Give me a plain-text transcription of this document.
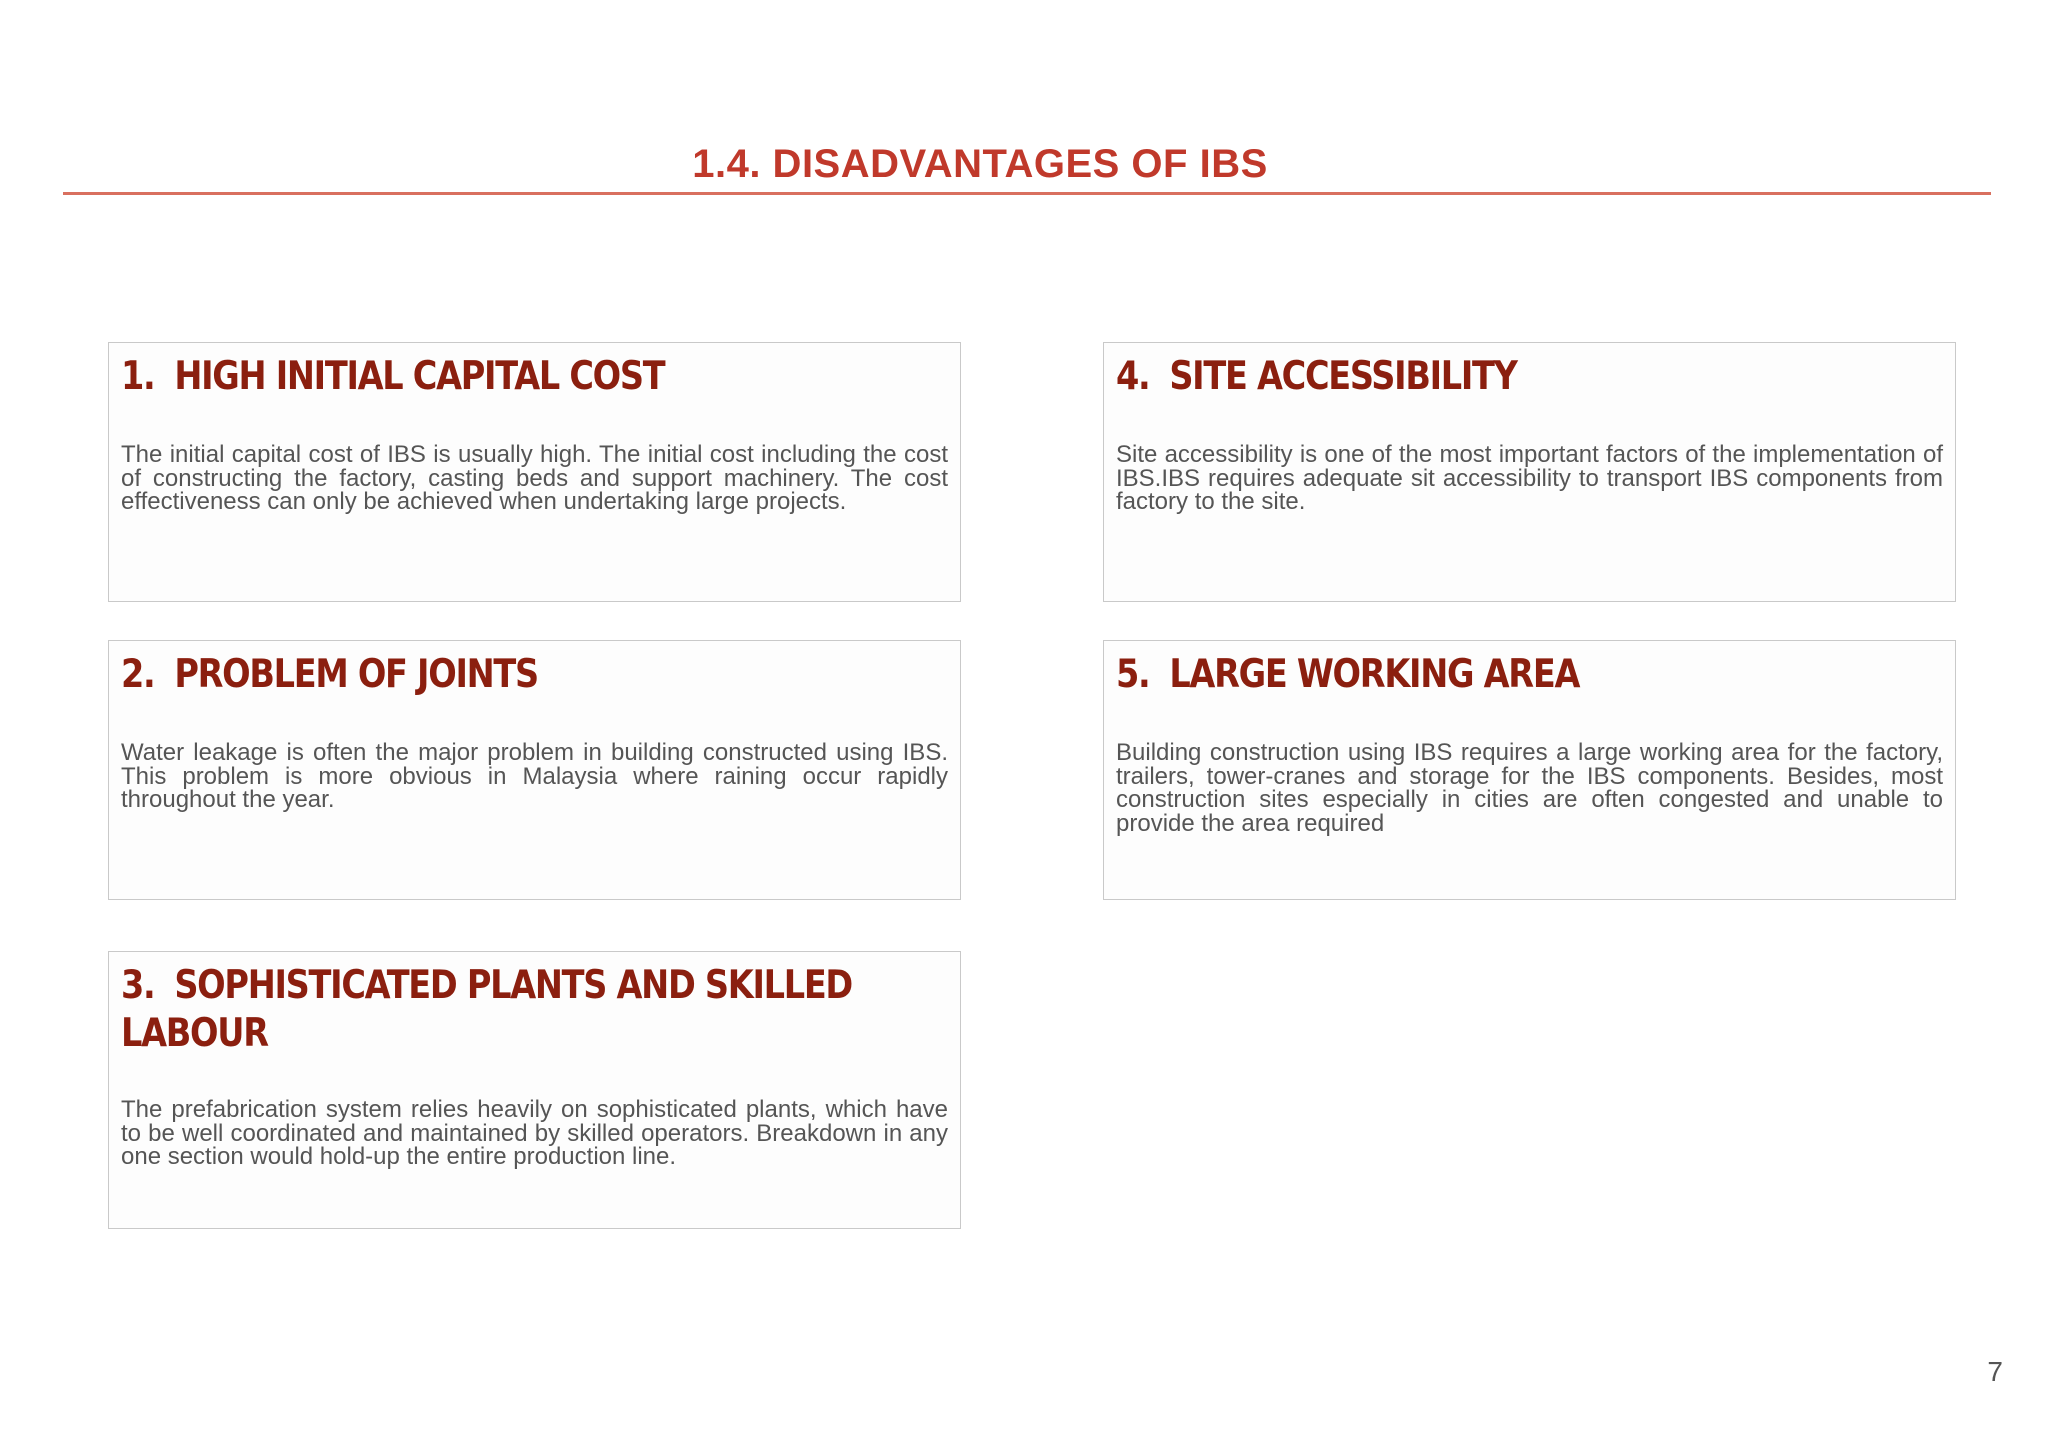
1.4. DISADVANTAGES OF IBS
1. HIGH INITIAL CAPITAL COST

The initial capital cost of IBS is usually high. The initial cost including the cost of constructing the factory, casting beds and support machinery. The cost effectiveness can only be achieved when undertaking large projects.

2. PROBLEM OF JOINTS

Water leakage is often the major problem in building constructed using IBS. This problem is more obvious in Malaysia where raining occur rapidly throughout the year.

3. SOPHISTICATED PLANTS AND SKILLED LABOUR

The prefabrication system relies heavily on sophisticated plants, which have to be well coordinated and maintained by skilled operators. Breakdown in any one section would hold-up the entire production line.

4. SITE ACCESSIBILITY

Site accessibility is one of the most important factors of the implementation of IBS.IBS requires adequate sit accessibility to transport IBS components from factory to the site.

5. LARGE WORKING AREA

Building construction using IBS requires a large working area for the factory, trailers, tower-cranes and storage for the IBS components. Besides, most construction sites especially in cities are often congested and unable to provide the area required

7
